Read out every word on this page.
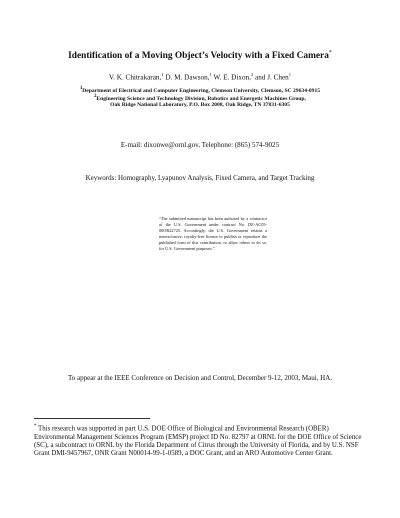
Identification of a Moving Object’s Velocity with a Fixed Camera*
V. K. Chitrakaran,$^1$ D. M. Dawson,$^1$ W. E. Dixon,$^2$ and J. Chen$^1$
$^1$Department of Electrical and Computer Engineering, Clemson University, Clemson, SC 29634-0915
$^2$Engineering Science and Technology Division, Robotics and Energetic Machines Group,
Oak Ridge National Laboratory, P.O. Box 2008, Oak Ridge, TN 37831-6305
E-mail: dixonwe@ornl.gov, Telephone: (865) 574-9025
Keywords: Homography, Lyapunov Analysis, Fixed Camera, and Target Tracking
“The submitted manuscript has been authored by a contractor of the U.S. Government under contract No. DE-AC05-00OR22725. Accordingly, the U.S. Government retains a nonexclusive, royalty-free license to publish or reproduce the published form of this contribution, or allow others to do so, for U.S. Government purposes.”
To appear at the IEEE Conference on Decision and Control, December 9-12, 2003, Maui, HA.
* This research was supported in part U.S. DOE Office of Biological and Environmental Research (OBER) Environmental Management Sciences Program (EMSP) project ID No. 82797 at ORNL for the DOE Office of Science (SC), a subcontract to ORNL by the Florida Department of Citrus through the University of Florida, and by U.S. NSF Grant DMI-9457967, ONR Grant N00014-99-1-0589, a DOC Grant, and an ARO Automotive Center Grant.
